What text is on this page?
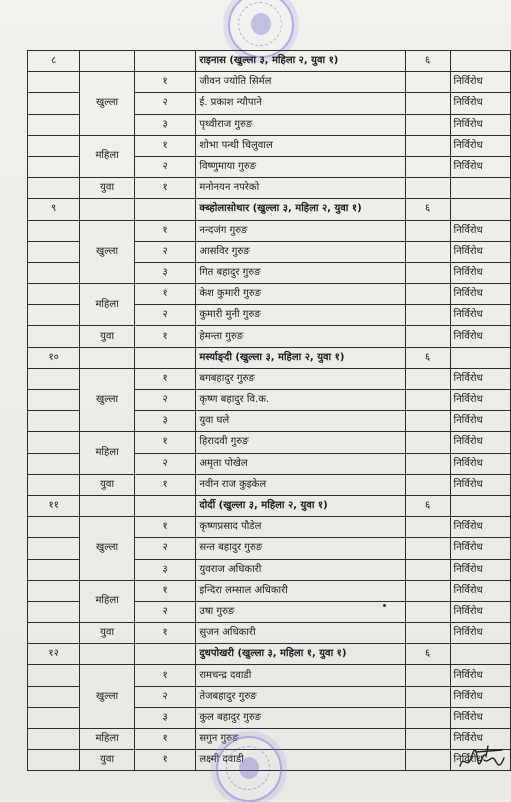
८			राइनास (खुल्ला ३, महिला २, युवा १)	६	
	खुल्ला	१	जीवन ज्योति सिर्मल		निर्विरोध
		२	ई. प्रकाश न्यौपाने		निर्विरोध
		३	पृथ्वीराज गुरुङ		निर्विरोध
	महिला	१	शोभा पन्थी चिलुवाल		निर्विरोध
		२	विष्णुमाया गुरुङ		निर्विरोध
	युवा	१	मनोनयन नपरेको		
९			क्ब्होलासोथार (खुल्ला ३, महिला २, युवा १)	६	
	खुल्ला	१	नन्दजंग गुरुङ		निर्विरोध
		२	आसविर गुरुङ		निर्विरोध
		३	गित बहादुर गुरुङ		निर्विरोध
	महिला	१	केश कुमारी गुरुङ		निर्विरोध
		२	कुमारी मुनी गुरुङ		निर्विरोध
	युवा	१	हेमन्ता गुरुङ		निर्विरोध
१०			मर्स्याङ्दी (खुल्ला ३, महिला २, युवा १)	६	
	खुल्ला	१	बगबहादुर गुरुङ		निर्विरोध
		२	कृष्ण बहादुर वि.क.		निर्विरोध
		३	युवा घले		निर्विरोध
	महिला	१	हिरादवी गुरुङ		निर्विरोध
		२	अमृता पोखेल		निर्विरोध
	युवा	१	नवीन राज कुइकेल		निर्विरोध
११			दोर्दी (खुल्ला ३, महिला २, युवा १)	६	
	खुल्ला	१	कृष्णप्रसाद पौडेल		निर्विरोध
		२	सन्त बहादुर गुरुङ		निर्विरोध
		३	युवराज अधिकारी		निर्विरोध
	महिला	१	इन्दिरा लम्साल अधिकारी		निर्विरोध
		२	उषा गुरुङ		निर्विरोध
	युवा	१	सुजन अधिकारी		निर्विरोध
१२			दुधपोखरी (खुल्ला ३, महिला १, युवा १)	६	
	खुल्ला	१	रामचन्द्र दवाडी		निर्विरोध
		२	तेजबहादुर गुरुङ		निर्विरोध
		३	कुल बहादुर गुरुङ		निर्विरोध
	महिला	१	सगुन गुरुङ		निर्विरोध
	युवा	१	लक्ष्मी दवाडी		निर्विरोध
